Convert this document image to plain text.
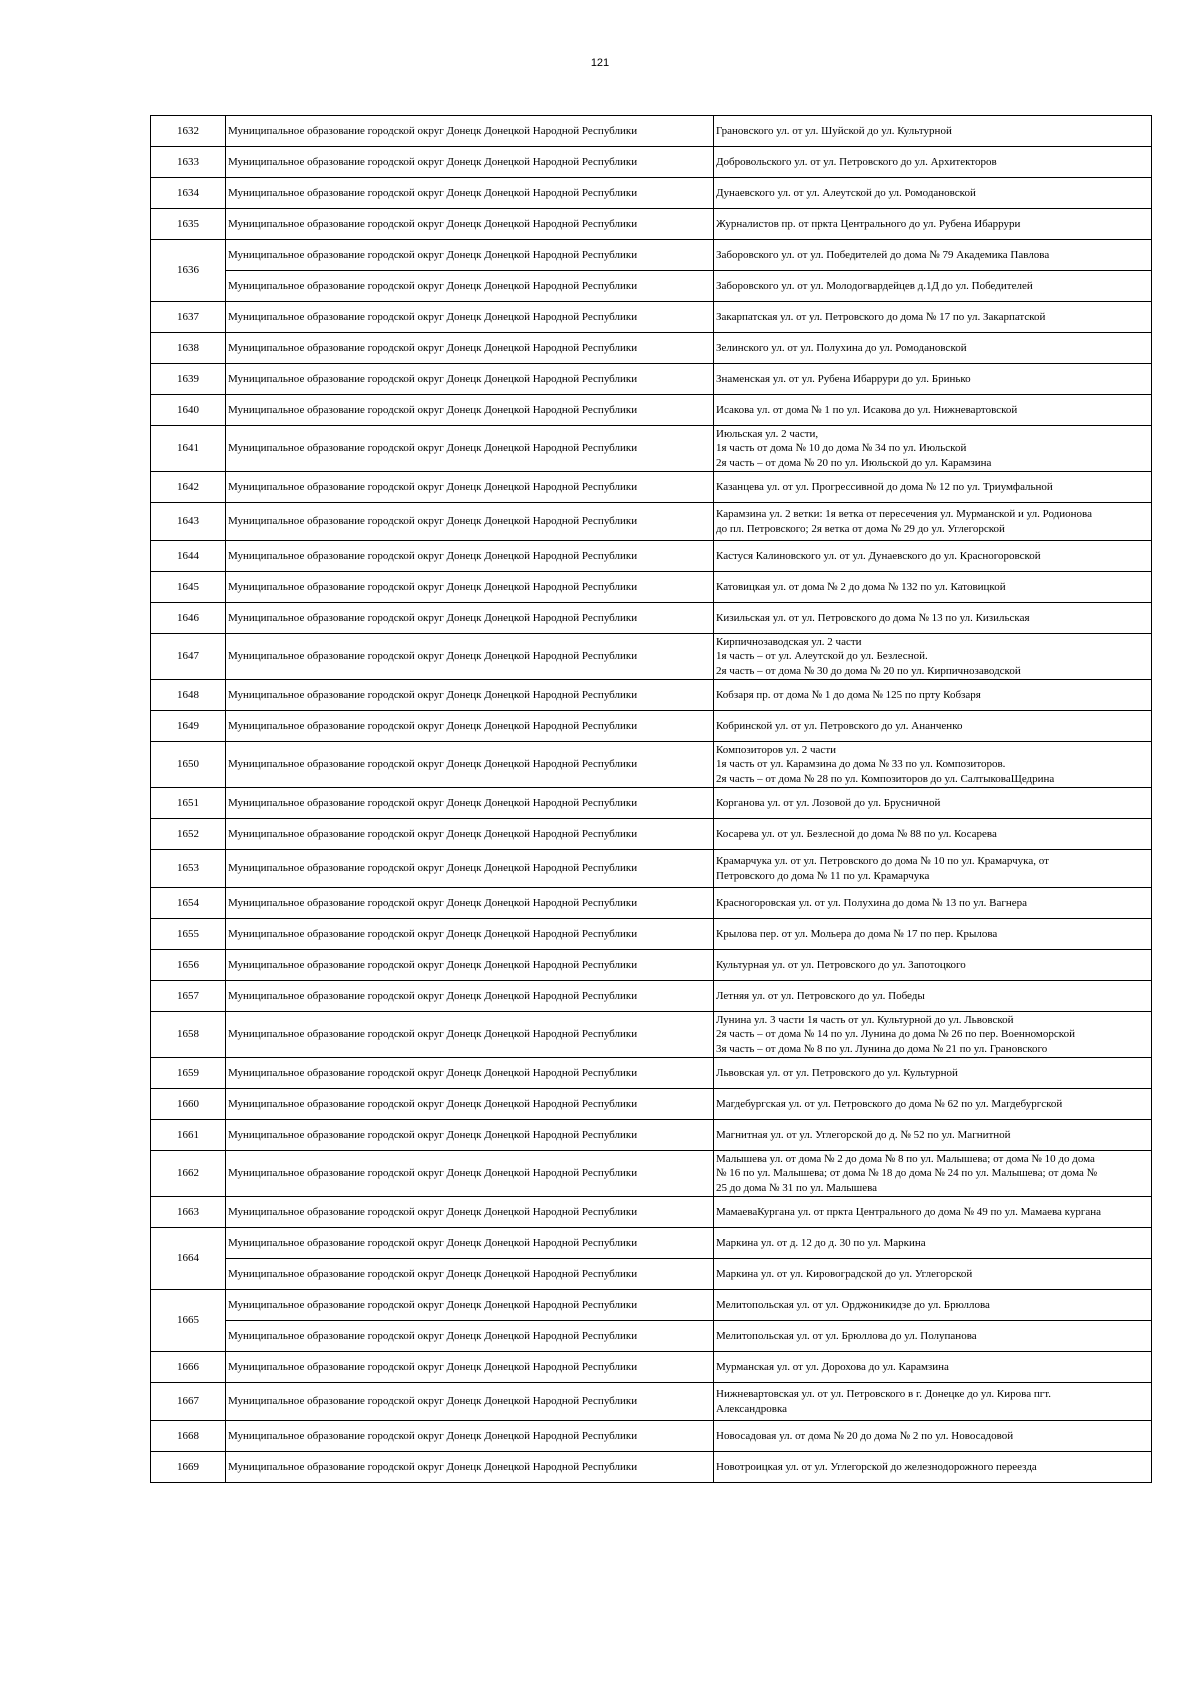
121
1632	Муниципальное образование городской округ Донецк Донецкой Народной Республики	Грановского ул. от ул. Шуйской до ул. Культурной

1633	Муниципальное образование городской округ Донецк Донецкой Народной Республики	Добровольского ул. от ул. Петровского до ул. Архитекторов

1634	Муниципальное образование городской округ Донецк Донецкой Народной Республики	Дунаевского ул. от ул. Алеутской до ул. Ромодановской

1635	Муниципальное образование городской округ Донецк Донецкой Народной Республики	Журналистов пр. от пркта Центрального до ул. Рубена Ибаррури

1636	Муниципальное образование городской округ Донецк Донецкой Народной Республики	Заборовского ул. от ул. Победителей до дома № 79 Академика Павлова

	Муниципальное образование городской округ Донецк Донецкой Народной Республики	Заборовского ул. от ул. Молодогвардейцев д.1Д до ул. Победителей

1637	Муниципальное образование городской округ Донецк Донецкой Народной Республики	Закарпатская ул. от ул. Петровского до дома № 17 по ул. Закарпатской

1638	Муниципальное образование городской округ Донецк Донецкой Народной Республики	Зелинского ул. от ул. Полухина до ул. Ромодановской

1639	Муниципальное образование городской округ Донецк Донецкой Народной Республики	Знаменская ул. от ул. Рубена Ибаррури до ул. Бринько

1640	Муниципальное образование городской округ Донецк Донецкой Народной Республики	Исакова ул. от дома № 1 по ул. Исакова до ул. Нижневартовской

1641	Муниципальное образование городской округ Донецк Донецкой Народной Республики	Июльская ул. 2 части,
1я часть от дома № 10 до дома № 34 по ул. Июльской
2я часть – от дома № 20 по ул. Июльской до ул. Карамзина

1642	Муниципальное образование городской округ Донецк Донецкой Народной Республики	Казанцева ул. от ул. Прогрессивной до дома № 12 по ул. Триумфальной

1643	Муниципальное образование городской округ Донецк Донецкой Народной Республики	Карамзина ул. 2 ветки: 1я ветка от пересечения ул. Мурманской и ул. Родионова
до пл. Петровского; 2я ветка от дома № 29 до ул. Углегорской

1644	Муниципальное образование городской округ Донецк Донецкой Народной Республики	Кастуся Калиновского ул. от ул. Дунаевского до ул. Красногоровской

1645	Муниципальное образование городской округ Донецк Донецкой Народной Республики	Катовицкая ул. от дома № 2 до дома № 132 по ул. Катовицкой

1646	Муниципальное образование городской округ Донецк Донецкой Народной Республики	Кизильская ул. от ул. Петровского до дома № 13 по ул. Кизильская

1647	Муниципальное образование городской округ Донецк Донецкой Народной Республики	Кирпичнозаводская ул. 2 части
1я часть – от ул. Алеутской до ул. Безлесной.
2я часть – от дома № 30 до дома № 20 по ул. Кирпичнозаводской

1648	Муниципальное образование городской округ Донецк Донецкой Народной Республики	Кобзаря пр. от дома № 1 до дома № 125 по прту Кобзаря

1649	Муниципальное образование городской округ Донецк Донецкой Народной Республики	Кобринской ул. от ул. Петровского до ул. Ананченко

1650	Муниципальное образование городской округ Донецк Донецкой Народной Республики	Композиторов ул. 2 части
1я часть от ул. Карамзина до дома № 33 по ул. Композиторов.
2я часть – от дома № 28 по ул. Композиторов до ул. СалтыковаЩедрина

1651	Муниципальное образование городской округ Донецк Донецкой Народной Республики	Корганова ул. от ул. Лозовой до ул. Брусничной

1652	Муниципальное образование городской округ Донецк Донецкой Народной Республики	Косарева ул. от ул. Безлесной до дома № 88 по ул. Косарева

1653	Муниципальное образование городской округ Донецк Донецкой Народной Республики	Крамарчука ул. от ул. Петровского до дома № 10 по ул. Крамарчука, от
Петровского до дома № 11 по ул. Крамарчука

1654	Муниципальное образование городской округ Донецк Донецкой Народной Республики	Красногоровская ул. от ул. Полухина до дома № 13 по ул. Вагнера

1655	Муниципальное образование городской округ Донецк Донецкой Народной Республики	Крылова пер. от ул. Мольера до дома № 17 по пер. Крылова

1656	Муниципальное образование городской округ Донецк Донецкой Народной Республики	Культурная ул. от ул. Петровского до ул. Запотоцкого

1657	Муниципальное образование городской округ Донецк Донецкой Народной Республики	Летняя ул. от ул. Петровского до ул. Победы

1658	Муниципальное образование городской округ Донецк Донецкой Народной Республики	Лунина ул. 3 части 1я часть от ул. Культурной до ул. Львовской
2я часть – от дома № 14 по ул. Лунина до дома № 26 по пер. Военноморской
3я часть – от дома № 8 по ул. Лунина до дома № 21 по ул. Грановского

1659	Муниципальное образование городской округ Донецк Донецкой Народной Республики	Львовская ул. от ул. Петровского до ул. Культурной

1660	Муниципальное образование городской округ Донецк Донецкой Народной Республики	Магдебургская ул. от ул. Петровского до дома № 62 по ул. Магдебургской

1661	Муниципальное образование городской округ Донецк Донецкой Народной Республики	Магнитная ул. от ул. Углегорской до д. № 52 по ул. Магнитной

1662	Муниципальное образование городской округ Донецк Донецкой Народной Республики	Малышева ул. от дома № 2 до дома № 8 по ул. Малышева; от дома № 10 до дома
№ 16 по ул. Малышева; от дома № 18 до дома № 24 по ул. Малышева; от дома №
25 до дома № 31 по ул. Малышева

1663	Муниципальное образование городской округ Донецк Донецкой Народной Республики	МамаеваКургана ул. от пркта Центрального до дома № 49 по ул. Мамаева кургана

1664	Муниципальное образование городской округ Донецк Донецкой Народной Республики	Маркина ул. от д. 12 до д. 30 по ул. Маркина

	Муниципальное образование городской округ Донецк Донецкой Народной Республики	Маркина ул. от ул. Кировоградской до ул. Углегорской

1665	Муниципальное образование городской округ Донецк Донецкой Народной Республики	Мелитопольская ул. от ул. Орджоникидзе до ул. Брюллова

	Муниципальное образование городской округ Донецк Донецкой Народной Республики	Мелитопольская ул. от ул. Брюллова до ул. Полупанова

1666	Муниципальное образование городской округ Донецк Донецкой Народной Республики	Мурманская ул. от ул. Дорохова до ул. Карамзина

1667	Муниципальное образование городской округ Донецк Донецкой Народной Республики	Нижневартовская ул. от ул. Петровского в г. Донецке до ул. Кирова пгт.
Александровка

1668	Муниципальное образование городской округ Донецк Донецкой Народной Республики	Новосадовая ул. от дома № 20 до дома № 2 по ул. Новосадовой

1669	Муниципальное образование городской округ Донецк Донецкой Народной Республики	Новотроицкая ул. от ул. Углегорской до железнодорожного переезда
